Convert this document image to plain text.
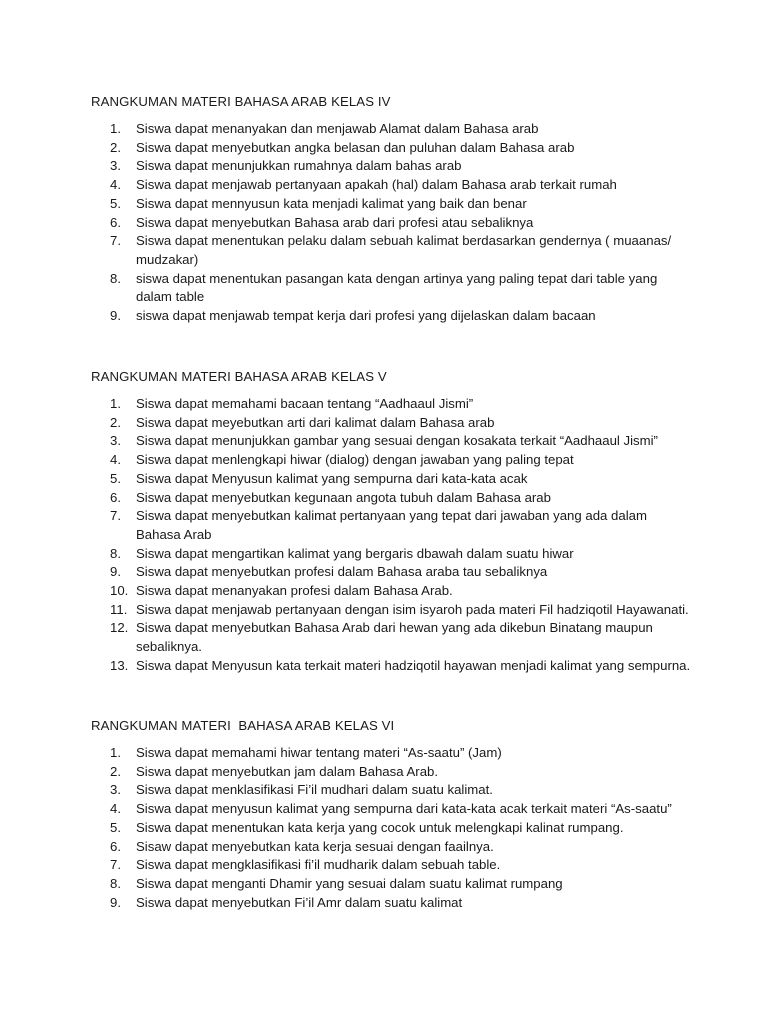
RANGKUMAN MATERI BAHASA ARAB KELAS IV
1.	Siswa dapat menanyakan dan menjawab Alamat dalam Bahasa arab
2.	Siswa dapat menyebutkan angka belasan dan puluhan dalam Bahasa arab
3.	Siswa dapat menunjukkan rumahnya dalam bahas arab
4.	Siswa dapat menjawab pertanyaan apakah (hal) dalam Bahasa arab terkait rumah
5.	Siswa dapat mennyusun kata menjadi kalimat yang baik dan benar
6.	Siswa dapat menyebutkan Bahasa arab dari profesi atau sebaliknya
7.	Siswa dapat menentukan pelaku dalam sebuah kalimat berdasarkan gendernya ( muaanas/ mudzakar)
8.	siswa dapat menentukan pasangan kata dengan artinya yang paling tepat dari table yang dalam table
9.	siswa dapat menjawab tempat kerja dari profesi yang dijelaskan dalam bacaan
RANGKUMAN MATERI BAHASA ARAB KELAS V
1.	Siswa dapat memahami bacaan tentang “Aadhaaul Jismi”
2.	Siswa dapat meyebutkan arti dari kalimat dalam Bahasa arab
3.	Siswa dapat menunjukkan gambar yang sesuai dengan kosakata terkait “Aadhaaul Jismi”
4.	Siswa dapat menlengkapi hiwar (dialog) dengan jawaban yang paling tepat
5.	Siswa dapat Menyusun kalimat yang sempurna dari kata-kata acak
6.	Siswa dapat menyebutkan kegunaan angota tubuh dalam Bahasa arab
7.	Siswa dapat menyebutkan kalimat pertanyaan yang tepat dari jawaban yang ada dalam Bahasa Arab
8.	Siswa dapat mengartikan kalimat yang bergaris dbawah dalam suatu hiwar
9.	Siswa dapat menyebutkan profesi dalam Bahasa araba tau sebaliknya
10. Siswa dapat menanyakan profesi dalam Bahasa Arab.
11. Siswa dapat menjawab pertanyaan dengan isim isyaroh pada materi Fil hadziqotil Hayawanati.
12. Siswa dapat menyebutkan Bahasa Arab dari hewan yang ada dikebun Binatang maupun sebaliknya.
13. Siswa dapat Menyusun kata terkait materi hadziqotil hayawan menjadi kalimat yang sempurna.
RANGKUMAN MATERI  BAHASA ARAB KELAS VI
1.	Siswa dapat memahami hiwar tentang materi “As-saatu” (Jam)
2.	Siswa dapat menyebutkan jam dalam Bahasa Arab.
3.	Siswa dapat menklasifikasi Fi’il mudhari dalam suatu kalimat.
4.	Siswa dapat menyusun kalimat yang sempurna dari kata-kata acak terkait materi “As-saatu”
5.	Siswa dapat menentukan kata kerja yang cocok untuk melengkapi kalinat rumpang.
6.	Sisaw dapat menyebutkan kata kerja sesuai dengan faailnya.
7.	Siswa dapat mengklasifikasi fi’il mudharik dalam sebuah table.
8.	Siswa dapat menganti Dhamir yang sesuai dalam suatu kalimat rumpang
9.	Siswa dapat menyebutkan Fi’il Amr dalam suatu kalimat
